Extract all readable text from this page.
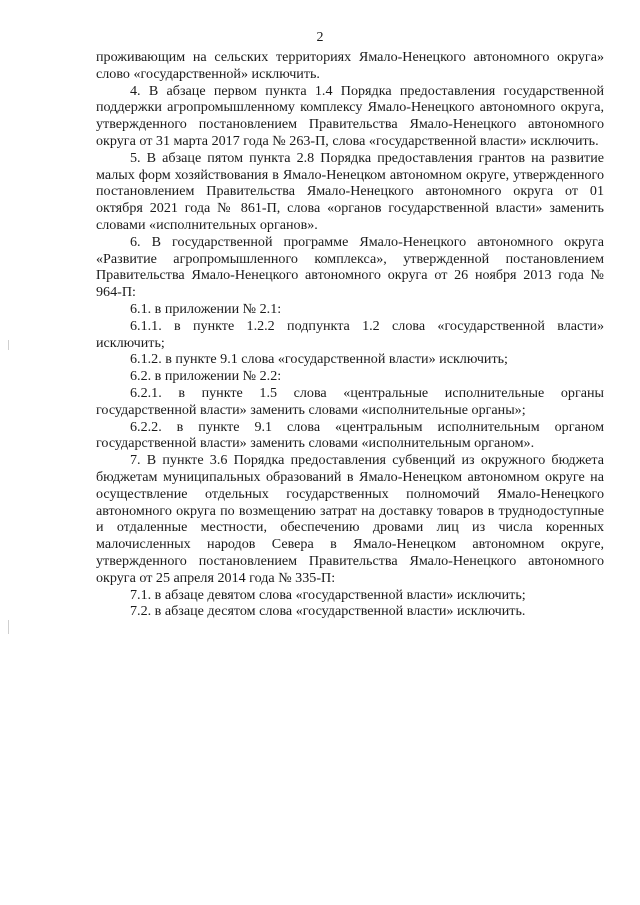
2

проживающим на сельских территориях Ямало-Ненецкого автономного округа» слово «государственной» исключить.

4. В абзаце первом пункта 1.4 Порядка предоставления государственной поддержки агропромышленному комплексу Ямало-Ненецкого автономного округа, утвержденного постановлением Правительства Ямало-Ненецкого автономного округа от 31 марта 2017 года № 263-П, слова «государственной власти» исключить.

5. В абзаце пятом пункта 2.8 Порядка предоставления грантов на развитие малых форм хозяйствования в Ямало-Ненецком автономном округе, утвержденного постановлением Правительства Ямало-Ненецкого автономного округа от 01 октября 2021 года № 861-П, слова «органов государственной власти» заменить словами «исполнительных органов».

6. В государственной программе Ямало-Ненецкого автономного округа «Развитие агропромышленного комплекса», утвержденной постановлением Правительства Ямало-Ненецкого автономного округа от 26 ноября 2013 года № 964-П:

6.1. в приложении № 2.1:

6.1.1. в пункте 1.2.2 подпункта 1.2 слова «государственной власти» исключить;

6.1.2. в пункте 9.1 слова «государственной власти» исключить;

6.2. в приложении № 2.2:

6.2.1. в пункте 1.5 слова «центральные исполнительные органы государственной власти» заменить словами «исполнительные органы»;

6.2.2. в пункте 9.1 слова «центральным исполнительным органом государственной власти» заменить словами «исполнительным органом».

7. В пункте 3.6 Порядка предоставления субвенций из окружного бюджета бюджетам муниципальных образований в Ямало-Ненецком автономном округе на осуществление отдельных государственных полномочий Ямало-Ненецкого автономного округа по возмещению затрат на доставку товаров в труднодоступные и отдаленные местности, обеспечению дровами лиц из числа коренных малочисленных народов Севера в Ямало-Ненецком автономном округе, утвержденного постановлением Правительства Ямало-Ненецкого автономного округа от 25 апреля 2014 года № 335-П:

7.1. в абзаце девятом слова «государственной власти» исключить;

7.2. в абзаце десятом слова «государственной власти» исключить.
